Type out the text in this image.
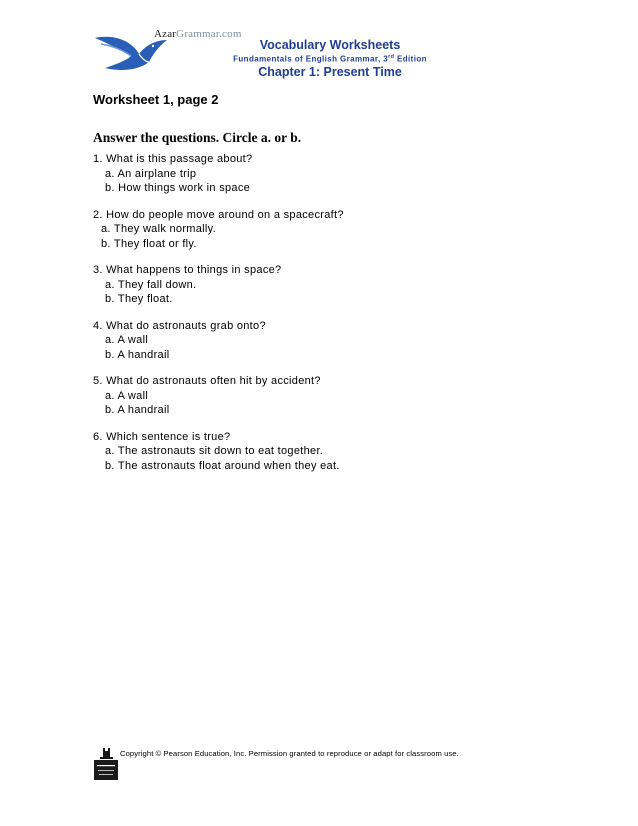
AzarGrammar.com
Vocabulary Worksheets
Fundamentals of English Grammar, 3rd Edition
Chapter 1: Present Time
Worksheet 1, page 2
Answer the questions. Circle a. or b.
1. What is this passage about?
a. An airplane trip
b. How things work in space
2. How do people move around on a spacecraft?
a. They walk normally.
b. They float or fly.
3. What happens to things in space?
a. They fall down.
b. They float.
4. What do astronauts grab onto?
a. A wall
b. A handrail
5. What do astronauts often hit by accident?
a. A wall
b. A handrail
6. Which sentence is true?
a. The astronauts sit down to eat together.
b. The astronauts float around when they eat.
Copyright © Pearson Education, Inc. Permission granted to reproduce or adapt for classroom use.
